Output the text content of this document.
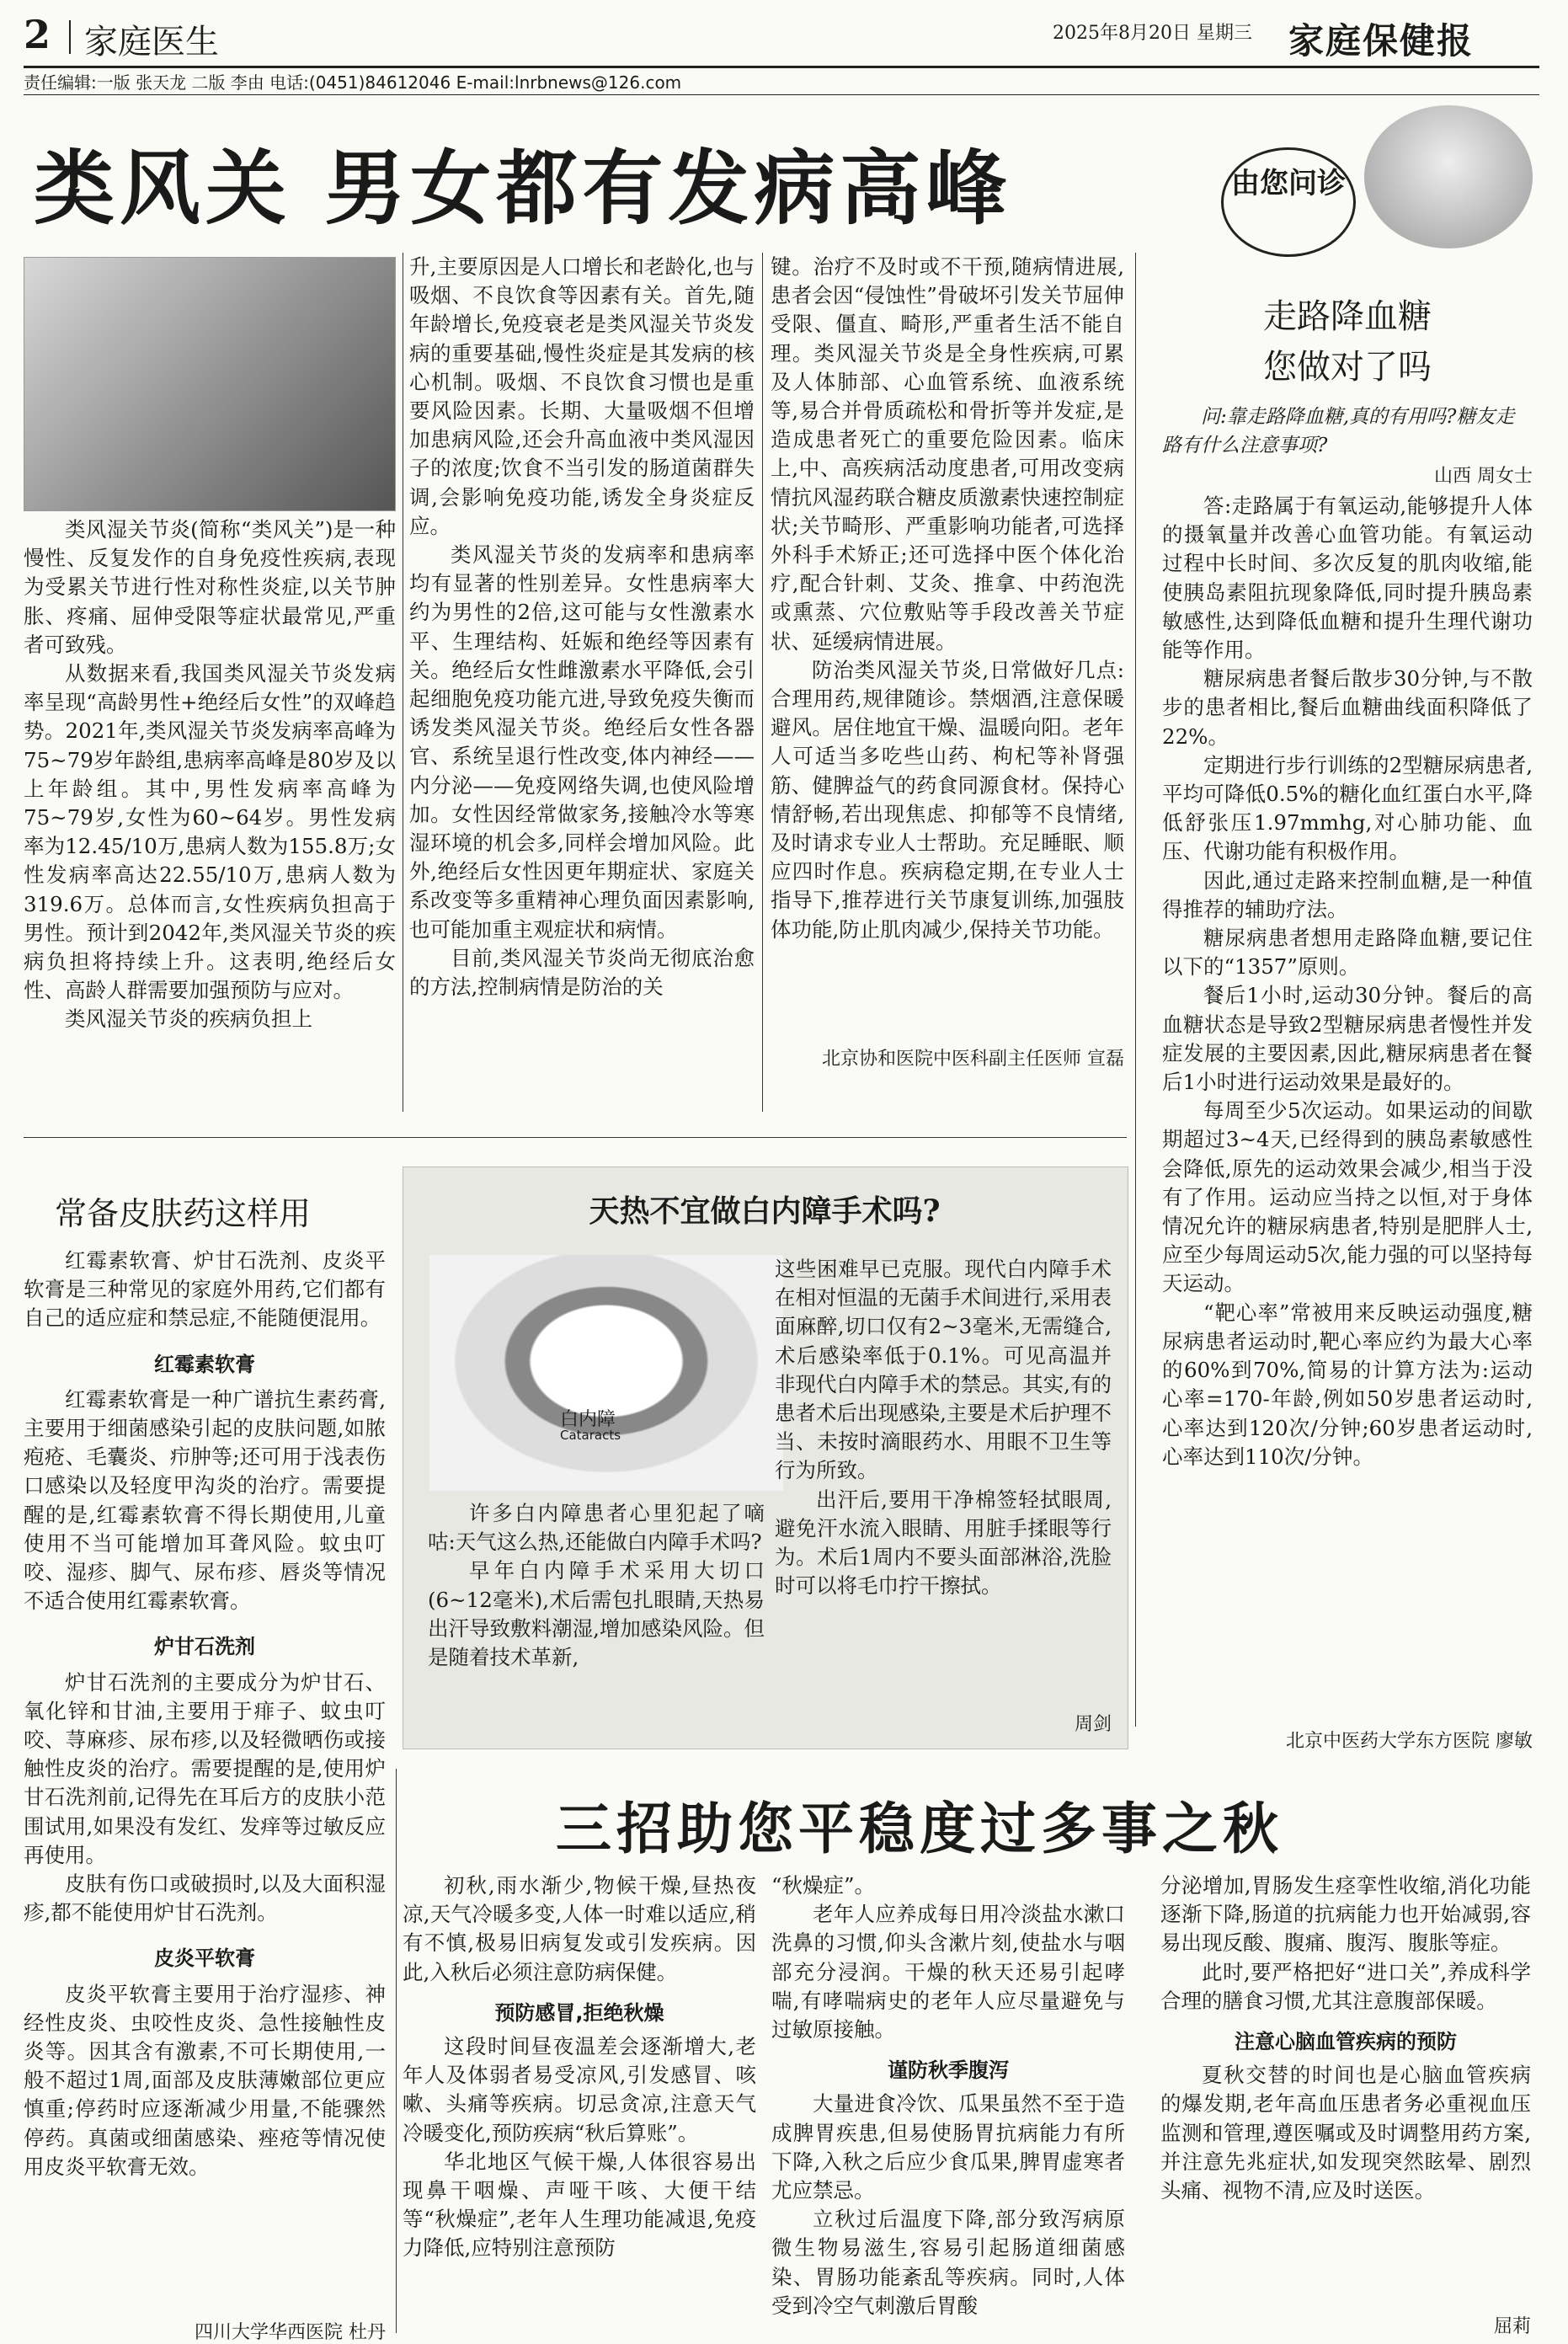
2 家庭医生	2025年8月20日 星期三 家庭保健报
责任编辑:一版 张天龙 二版 李由 电话:(0451)84612046 E-mail:lnrbnews@126.com
类风关 男女都有发病高峰

类风湿关节炎(简称“类风关”)是一种慢性、反复发作的自身免疫性疾病,表现为受累关节进行性对称性炎症,以关节肿胀、疼痛、屈伸受限等症状最常见,严重者可致残。

从数据来看,我国类风湿关节炎发病率呈现“高龄男性+绝经后女性”的双峰趋势。2021年,类风湿关节炎发病率高峰为75~79岁年龄组,患病率高峰是80岁及以上年龄组。其中,男性发病率高峰为75~79岁,女性为60~64岁。男性发病率为12.45/10万,患病人数为155.8万;女性发病率高达22.55/10万,患病人数为319.6万。总体而言,女性疾病负担高于男性。预计到2042年,类风湿关节炎的疾病负担将持续上升。这表明,绝经后女性、高龄人群需要加强预防与应对。

类风湿关节炎的疾病负担上

升,主要原因是人口增长和老龄化,也与吸烟、不良饮食等因素有关。首先,随年龄增长,免疫衰老是类风湿关节炎发病的重要基础,慢性炎症是其发病的核心机制。吸烟、不良饮食习惯也是重要风险因素。长期、大量吸烟不但增加患病风险,还会升高血液中类风湿因子的浓度;饮食不当引发的肠道菌群失调,会影响免疫功能,诱发全身炎症反应。

类风湿关节炎的发病率和患病率均有显著的性别差异。女性患病率大约为男性的2倍,这可能与女性激素水平、生理结构、妊娠和绝经等因素有关。绝经后女性雌激素水平降低,会引起细胞免疫功能亢进,导致免疫失衡而诱发类风湿关节炎。绝经后女性各器官、系统呈退行性改变,体内神经——内分泌——免疫网络失调,也使风险增加。女性因经常做家务,接触冷水等寒湿环境的机会多,同样会增加风险。此外,绝经后女性因更年期症状、家庭关系改变等多重精神心理负面因素影响,也可能加重主观症状和病情。

目前,类风湿关节炎尚无彻底治愈的方法,控制病情是防治的关

键。治疗不及时或不干预,随病情进展,患者会因“侵蚀性”骨破坏引发关节屈伸受限、僵直、畸形,严重者生活不能自理。类风湿关节炎是全身性疾病,可累及人体肺部、心血管系统、血液系统等,易合并骨质疏松和骨折等并发症,是造成患者死亡的重要危险因素。临床上,中、高疾病活动度患者,可用改变病情抗风湿药联合糖皮质激素快速控制症状;关节畸形、严重影响功能者,可选择外科手术矫正;还可选择中医个体化治疗,配合针刺、艾灸、推拿、中药泡洗或熏蒸、穴位敷贴等手段改善关节症状、延缓病情进展。

防治类风湿关节炎,日常做好几点:合理用药,规律随诊。禁烟酒,注意保暖避风。居住地宜干燥、温暖向阳。老年人可适当多吃些山药、枸杞等补肾强筋、健脾益气的药食同源食材。保持心情舒畅,若出现焦虑、抑郁等不良情绪,及时请求专业人士帮助。充足睡眠、顺应四时作息。疾病稳定期,在专业人士指导下,推荐进行关节康复训练,加强肢体功能,防止肌肉减少,保持关节功能。

北京协和医院中医科副主任医师 宣磊
由您问诊
走路降血糖
您做对了吗
问:靠走路降血糖,真的有用吗?糖友走路有什么注意事项?
山西 周女士

答:走路属于有氧运动,能够提升人体的摄氧量并改善心血管功能。有氧运动过程中长时间、多次反复的肌肉收缩,能使胰岛素阻抗现象降低,同时提升胰岛素敏感性,达到降低血糖和提升生理代谢功能等作用。

糖尿病患者餐后散步30分钟,与不散步的患者相比,餐后血糖曲线面积降低了22%。

定期进行步行训练的2型糖尿病患者,平均可降低0.5%的糖化血红蛋白水平,降低舒张压1.97mmhg,对心肺功能、血压、代谢功能有积极作用。

因此,通过走路来控制血糖,是一种值得推荐的辅助疗法。

糖尿病患者想用走路降血糖,要记住以下的“1357”原则。

餐后1小时,运动30分钟。餐后的高血糖状态是导致2型糖尿病患者慢性并发症发展的主要因素,因此,糖尿病患者在餐后1小时进行运动效果是最好的。

每周至少5次运动。如果运动的间歇期超过3~4天,已经得到的胰岛素敏感性会降低,原先的运动效果会减少,相当于没有了作用。运动应当持之以恒,对于身体情况允许的糖尿病患者,特别是肥胖人士,应至少每周运动5次,能力强的可以坚持每天运动。

“靶心率”常被用来反映运动强度,糖尿病患者运动时,靶心率应约为最大心率的60%到70%,简易的计算方法为:运动心率=170-年龄,例如50岁患者运动时,心率达到120次/分钟;60岁患者运动时,心率达到110次/分钟。

北京中医药大学东方医院 廖敏
常备皮肤药这样用

红霉素软膏、炉甘石洗剂、皮炎平软膏是三种常见的家庭外用药,它们都有自己的适应症和禁忌症,不能随便混用。

红霉素软膏

红霉素软膏是一种广谱抗生素药膏,主要用于细菌感染引起的皮肤问题,如脓疱疮、毛囊炎、疖肿等;还可用于浅表伤口感染以及轻度甲沟炎的治疗。需要提醒的是,红霉素软膏不得长期使用,儿童使用不当可能增加耳聋风险。蚊虫叮咬、湿疹、脚气、尿布疹、唇炎等情况不适合使用红霉素软膏。

炉甘石洗剂

炉甘石洗剂的主要成分为炉甘石、氧化锌和甘油,主要用于痱子、蚊虫叮咬、荨麻疹、尿布疹,以及轻微晒伤或接触性皮炎的治疗。需要提醒的是,使用炉甘石洗剂前,记得先在耳后方的皮肤小范围试用,如果没有发红、发痒等过敏反应再使用。

皮肤有伤口或破损时,以及大面积湿疹,都不能使用炉甘石洗剂。

皮炎平软膏

皮炎平软膏主要用于治疗湿疹、神经性皮炎、虫咬性皮炎、急性接触性皮炎等。因其含有激素,不可长期使用,一般不超过1周,面部及皮肤薄嫩部位更应慎重;停药时应逐渐减少用量,不能骤然停药。真菌或细菌感染、痤疮等情况使用皮炎平软膏无效。

四川大学华西医院 杜丹
天热不宜做白内障手术吗?
白内障
Cataracts

许多白内障患者心里犯起了嘀咕:天气这么热,还能做白内障手术吗?

早年白内障手术采用大切口(6~12毫米),术后需包扎眼睛,天热易出汗导致敷料潮湿,增加感染风险。但是随着技术革新,

这些困难早已克服。现代白内障手术在相对恒温的无菌手术间进行,采用表面麻醉,切口仅有2~3毫米,无需缝合,术后感染率低于0.1%。可见高温并非现代白内障手术的禁忌。其实,有的患者术后出现感染,主要是术后护理不当、未按时滴眼药水、用眼不卫生等行为所致。

出汗后,要用干净棉签轻拭眼周,避免汗水流入眼睛、用脏手揉眼等行为。术后1周内不要头面部淋浴,洗脸时可以将毛巾拧干擦拭。

周剑
三招助您平稳度过多事之秋

初秋,雨水渐少,物候干燥,昼热夜凉,天气冷暖多变,人体一时难以适应,稍有不慎,极易旧病复发或引发疾病。因此,入秋后必须注意防病保健。

预防感冒,拒绝秋燥

这段时间昼夜温差会逐渐增大,老年人及体弱者易受凉风,引发感冒、咳嗽、头痛等疾病。切忌贪凉,注意天气冷暖变化,预防疾病“秋后算账”。

华北地区气候干燥,人体很容易出现鼻干咽燥、声哑干咳、大便干结等“秋燥症”,老年人生理功能减退,免疫力降低,应特别注意预防

“秋燥症”。

老年人应养成每日用冷淡盐水漱口洗鼻的习惯,仰头含漱片刻,使盐水与咽部充分浸润。干燥的秋天还易引起哮喘,有哮喘病史的老年人应尽量避免与过敏原接触。

谨防秋季腹泻

大量进食冷饮、瓜果虽然不至于造成脾胃疾患,但易使肠胃抗病能力有所下降,入秋之后应少食瓜果,脾胃虚寒者尤应禁忌。

立秋过后温度下降,部分致泻病原微生物易滋生,容易引起肠道细菌感染、胃肠功能紊乱等疾病。同时,人体受到冷空气刺激后胃酸

分泌增加,胃肠发生痉挛性收缩,消化功能逐渐下降,肠道的抗病能力也开始减弱,容易出现反酸、腹痛、腹泻、腹胀等症。

此时,要严格把好“进口关”,养成科学合理的膳食习惯,尤其注意腹部保暖。

注意心脑血管疾病的预防

夏秋交替的时间也是心脑血管疾病的爆发期,老年高血压患者务必重视血压监测和管理,遵医嘱或及时调整用药方案,并注意先兆症状,如发现突然眩晕、剧烈头痛、视物不清,应及时送医。

屈莉
